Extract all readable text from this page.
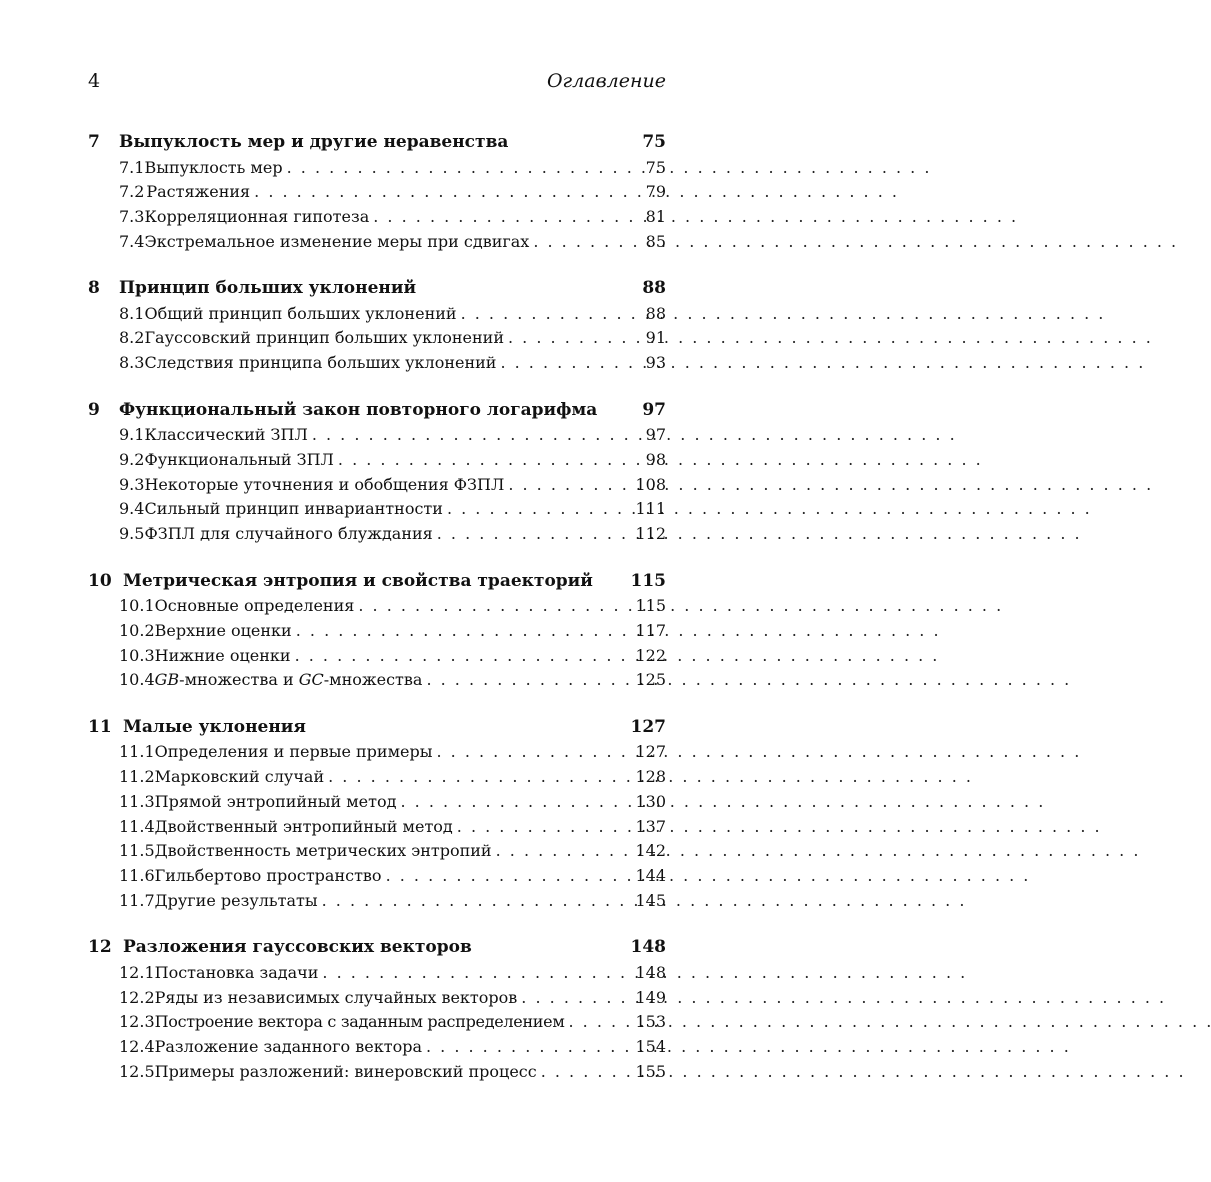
4	Оглавление
7	Выпуклость мер и другие неравенства	75
7.1 Выпуклость мер . . .	75
7.2 Растяжения . . .	79
7.3 Корреляционная гипотеза . . .	81
7.4 Экстремальное изменение меры при сдвигах . . .	85
8	Принцип больших уклонений	88
8.1 Общий принцип больших уклонений . . .	88
8.2 Гауссовский принцип больших уклонений . . .	91
8.3 Следствия принципа больших уклонений . . .	93
9	Функциональный закон повторного логарифма	97
9.1 Классический ЗПЛ . . .	97
9.2 Функциональный ЗПЛ . . .	98
9.3 Некоторые уточнения и обобщения ФЗПЛ . . .	108
9.4 Сильный принцип инвариантности . . .	111
9.5 ФЗПЛ для случайного блуждания . . .	112
10 Метрическая энтропия и свойства траекторий	115
10.1 Основные определения . . .	115
10.2 Верхние оценки . . .	117
10.3 Нижние оценки . . .	122
10.4 GB-множества и GC-множества . . .	125
11 Малые уклонения	127
11.1 Определения и первые примеры . . .	127
11.2 Марковский случай . . .	128
11.3 Прямой энтропийный метод . . .	130
11.4 Двойственный энтропийный метод . . .	137
11.5 Двойственность метрических энтропий . . .	142
11.6 Гильбертово пространство . . .	144
11.7 Другие результаты . . .	145
12 Разложения гауссовских векторов	148
12.1 Постановка задачи . . .	148
12.2 Ряды из независимых случайных векторов . . .	149
12.3 Построение вектора с заданным распределением . . .	153
12.4 Разложение заданного вектора . . .	154
12.5 Примеры разложений: винеровский процесс . . .	155
